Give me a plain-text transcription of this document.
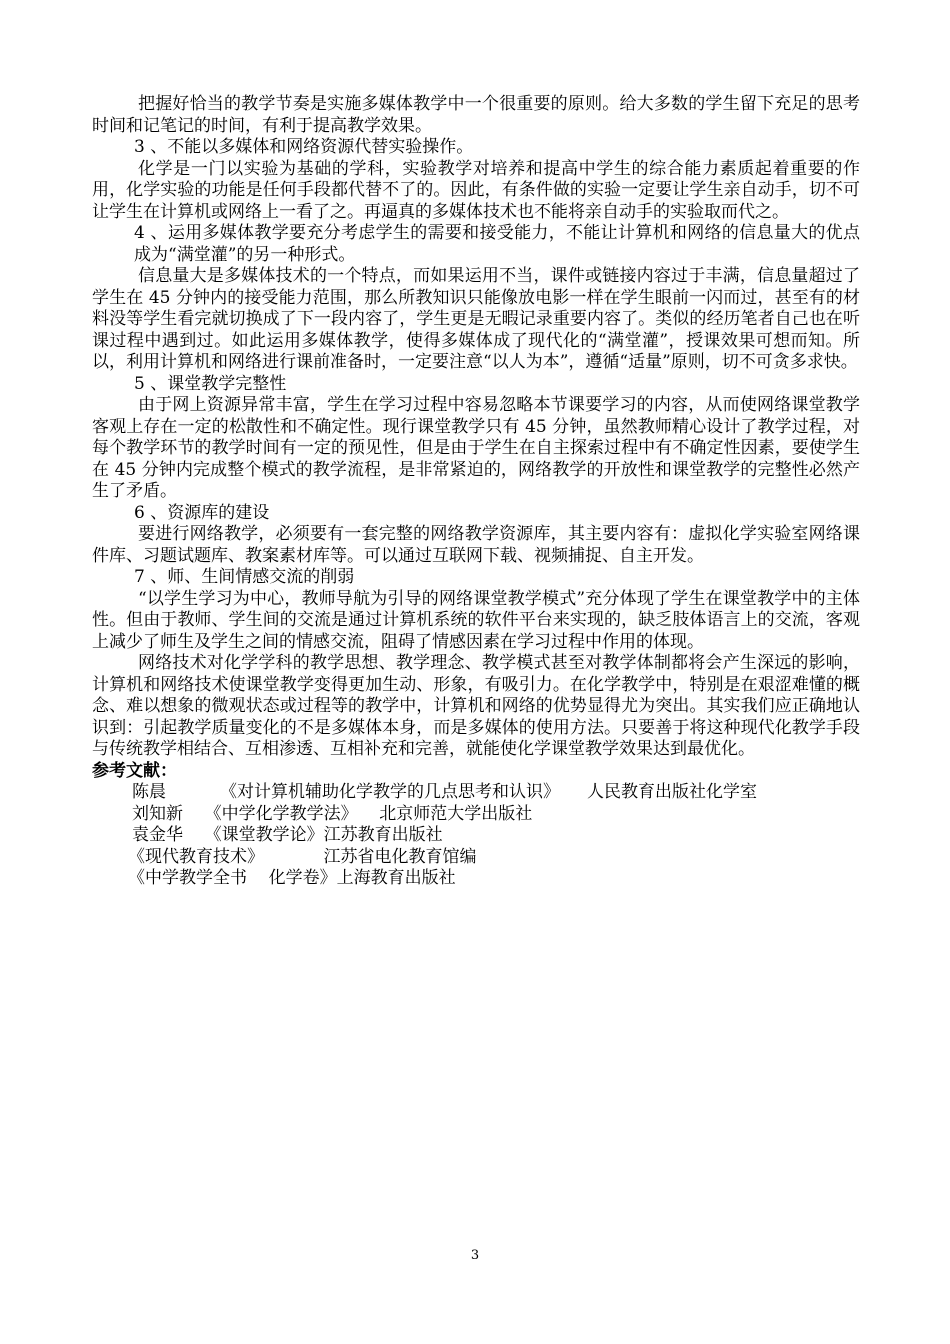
把握好恰当的教学节奏是实施多媒体教学中一个很重要的原则。给大多数的学生留下充足的思考时间和记笔记的时间，有利于提高教学效果。

3 、不能以多媒体和网络资源代替实验操作。

化学是一门以实验为基础的学科，实验教学对培养和提高中学生的综合能力素质起着重要的作用，化学实验的功能是任何手段都代替不了的。因此，有条件做的实验一定要让学生亲自动手，切不可让学生在计算机或网络上一看了之。再逼真的多媒体技术也不能将亲自动手的实验取而代之。

4 、运用多媒体教学要充分考虑学生的需要和接受能力，不能让计算机和网络的信息量大的优点成为“满堂灌”的另一种形式。

信息量大是多媒体技术的一个特点，而如果运用不当，课件或链接内容过于丰满，信息量超过了学生在 45 分钟内的接受能力范围，那么所教知识只能像放电影一样在学生眼前一闪而过，甚至有的材料没等学生看完就切换成了下一段内容了，学生更是无暇记录重要内容了。类似的经历笔者自己也在听课过程中遇到过。如此运用多媒体教学，使得多媒体成了现代化的“满堂灌”，授课效果可想而知。所以，利用计算机和网络进行课前准备时，一定要注意“以人为本”，遵循“适量”原则，切不可贪多求快。

5 、课堂教学完整性

由于网上资源异常丰富，学生在学习过程中容易忽略本节课要学习的内容，从而使网络课堂教学客观上存在一定的松散性和不确定性。现行课堂教学只有 45 分钟，虽然教师精心设计了教学过程，对每个教学环节的教学时间有一定的预见性，但是由于学生在自主探索过程中有不确定性因素，要使学生在 45 分钟内完成整个模式的教学流程，是非常紧迫的，网络教学的开放性和课堂教学的完整性必然产生了矛盾。

6 、资源库的建设

要进行网络教学，必须要有一套完整的网络教学资源库，其主要内容有：虚拟化学实验室网络课件库、习题试题库、教案素材库等。可以通过互联网下载、视频捕捉、自主开发。

7 、师、生间情感交流的削弱

“以学生学习为中心，教师导航为引导的网络课堂教学模式”充分体现了学生在课堂教学中的主体性。但由于教师、学生间的交流是通过计算机系统的软件平台来实现的，缺乏肢体语言上的交流，客观上减少了师生及学生之间的情感交流，阻碍了情感因素在学习过程中作用的体现。

网络技术对化学学科的教学思想、教学理念、教学模式甚至对教学体制都将会产生深远的影响，计算机和网络技术使课堂教学变得更加生动、形象，有吸引力。在化学教学中，特别是在艰涩难懂的概念、难以想象的微观状态或过程等的教学中，计算机和网络的优势显得尤为突出。其实我们应正确地认识到：引起教学质量变化的不是多媒体本身，而是多媒体的使用方法。只要善于将这种现代化教学手段与传统教学相结合、互相渗透、互相补充和完善，就能使化学课堂教学效果达到最优化。

参考文献：

陈晨          《对计算机辅助化学教学的几点思考和认识》     人民教育出版社化学室

刘知新    《中学化学教学法》    北京师范大学出版社

袁金华    《课堂教学论》江苏教育出版社

《现代教育技术》           江苏省电化教育馆编

《中学教学全书    化学卷》上海教育出版社

3
